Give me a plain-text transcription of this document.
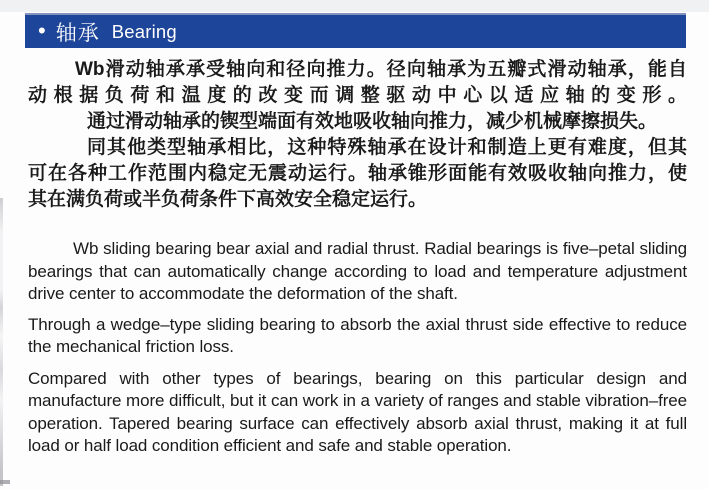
• 轴承 Bearing
Wb滑动轴承承受轴向和径向推力。径向轴承为五瓣式滑动轴承，能自
动根据负荷和温度的改变而调整驱动中心以适应轴的变形。
通过滑动轴承的锲型端面有效地吸收轴向推力，减少机械摩擦损失。
同其他类型轴承相比，这种特殊轴承在设计和制造上更有难度，但其
可在各种工作范围内稳定无震动运行。轴承锥形面能有效吸收轴向推力，使
其在满负荷或半负荷条件下高效安全稳定运行。

Wb sliding bearing bear axial and radial thrust. Radial bearings is five–petal sliding bearings that can automatically change according to load and temperature adjustment drive center to accommodate the deformation of the shaft.

Through a wedge–type sliding bearing to absorb the axial thrust side effective to reduce the mechanical friction loss.

Compared with other types of bearings, bearing on this particular design and manufacture more difficult, but it can work in a variety of ranges and stable vibration–free operation. Tapered bearing surface can effectively absorb axial thrust, making it at full load or half load condition efficient and safe and stable operation.
